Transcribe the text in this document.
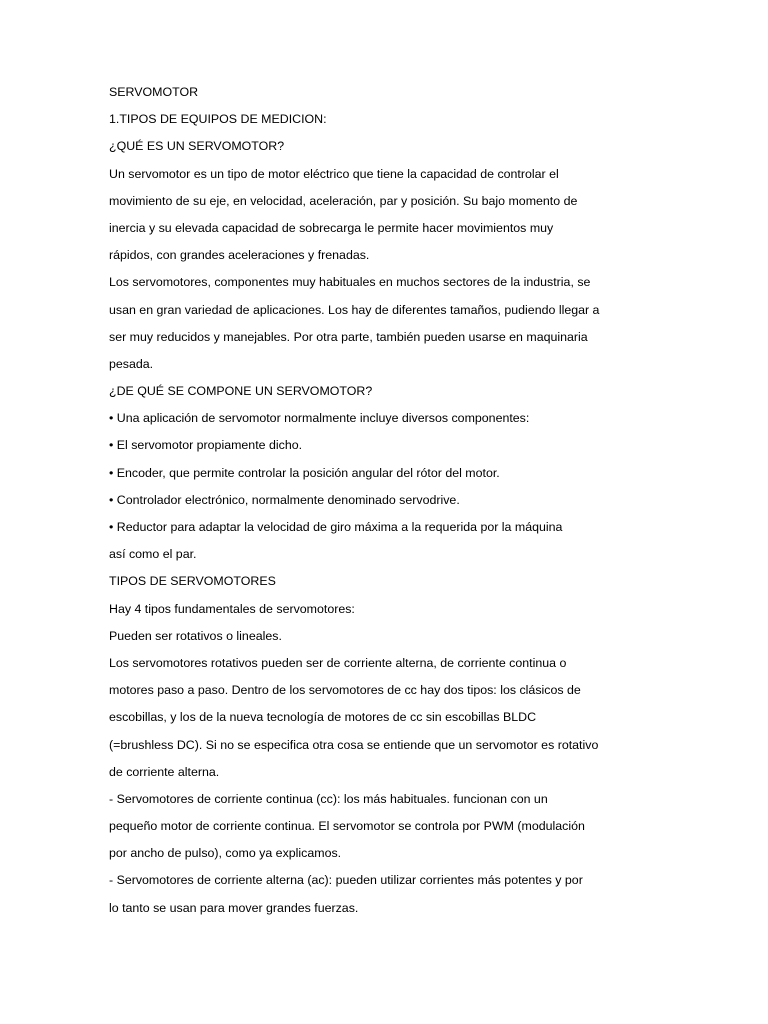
SERVOMOTOR
1.TIPOS DE EQUIPOS DE MEDICION:
¿QUÉ ES UN SERVOMOTOR?
Un servomotor es un tipo de motor eléctrico que tiene la capacidad de controlar el
movimiento de su eje, en velocidad, aceleración, par y posición. Su bajo momento de
inercia y su elevada capacidad de sobrecarga le permite hacer movimientos muy
rápidos, con grandes aceleraciones y frenadas.
Los servomotores, componentes muy habituales en muchos sectores de la industria, se
usan en gran variedad de aplicaciones. Los hay de diferentes tamaños, pudiendo llegar a
ser muy reducidos y manejables. Por otra parte, también pueden usarse en maquinaria
pesada.
¿DE QUÉ SE COMPONE UN SERVOMOTOR?
• Una aplicación de servomotor normalmente incluye diversos componentes:
• El servomotor propiamente dicho.
• Encoder, que permite controlar la posición angular del rótor del motor.
• Controlador electrónico, normalmente denominado servodrive.
• Reductor para adaptar la velocidad de giro máxima a la requerida por la máquina
así como el par.
TIPOS DE SERVOMOTORES
Hay 4 tipos fundamentales de servomotores:
Pueden ser rotativos o lineales.
Los servomotores rotativos pueden ser de corriente alterna, de corriente continua o
motores paso a paso. Dentro de los servomotores de cc hay dos tipos: los clásicos de
escobillas, y los de la nueva tecnología de motores de cc sin escobillas BLDC
(=brushless DC). Si no se especifica otra cosa se entiende que un servomotor es rotativo
de corriente alterna.
- Servomotores de corriente continua (cc): los más habituales. funcionan con un
pequeño motor de corriente continua. El servomotor se controla por PWM (modulación
por ancho de pulso), como ya explicamos.
- Servomotores de corriente alterna (ac): pueden utilizar corrientes más potentes y por
lo tanto se usan para mover grandes fuerzas.
